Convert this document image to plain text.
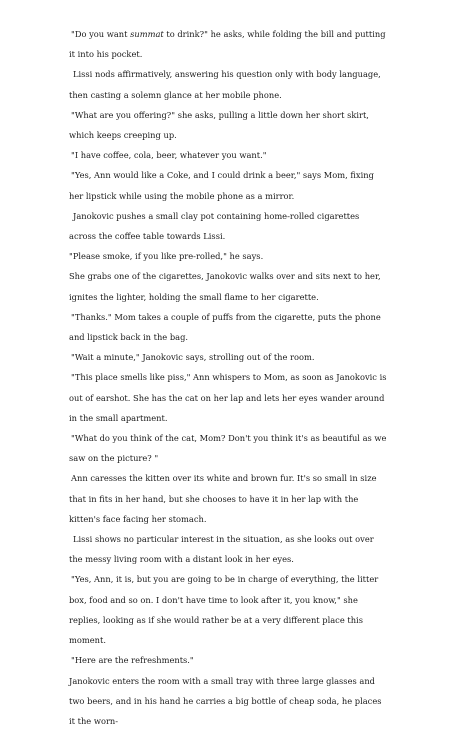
"Do you want summat to drink?" he asks, while folding the bill and putting it into his pocket.

Lissi nods affirmatively, answering his question only with body language, then casting a solemn glance at her mobile phone.

"What are you offering?" she asks, pulling a little down her short skirt, which keeps creeping up.

"I have coffee, cola, beer, whatever you want."

"Yes, Ann would like a Coke, and I could drink a beer," says Mom, fixing her lipstick while using the mobile phone as a mirror.

Janokovic pushes a small clay pot containing home-rolled cigarettes across the coffee table towards Lissi.

"Please smoke, if you like pre-rolled," he says.

She grabs one of the cigarettes, Janokovic walks over and sits next to her, ignites the lighter, holding the small flame to her cigarette.

"Thanks." Mom takes a couple of puffs from the cigarette, puts the phone and lipstick back in the bag.

"Wait a minute," Janokovic says, strolling out of the room.

"This place smells like piss," Ann whispers to Mom, as soon as Janokovic is out of earshot. She has the cat on her lap and lets her eyes wander around in the small apartment.

"What do you think of the cat, Mom? Don't you think it's as beautiful as we saw on the picture? "

Ann caresses the kitten over its white and brown fur. It's so small in size that in fits in her hand, but she chooses to have it in her lap with the kitten's face facing her stomach.

Lissi shows no particular interest in the situation, as she looks out over the messy living room with a distant look in her eyes.

"Yes, Ann, it is, but you are going to be in charge of everything, the litter box, food and so on. I don't have time to look after it, you know," she replies, looking as if she would rather be at a very different place this moment.

"Here are the refreshments."

Janokovic enters the room with a small tray with three large glasses and two beers, and in his hand he carries a big bottle of cheap soda, he places it the worn-
